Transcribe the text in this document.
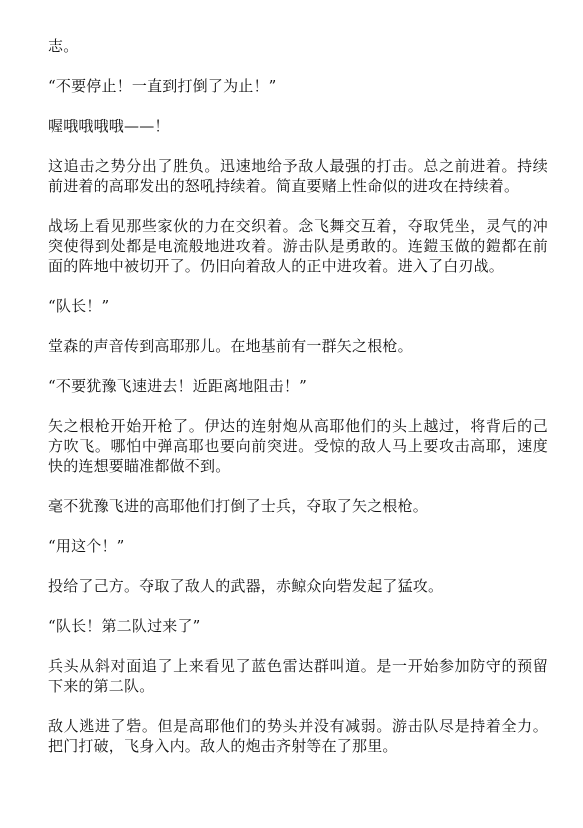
志。

“不要停止！一直到打倒了为止！”

喔哦哦哦哦——！

这追击之势分出了胜负。迅速地给予敌人最强的打击。总之前进着。持续前进着的高耶发出的怒吼持续着。简直要赌上性命似的进攻在持续着。

战场上看见那些家伙的力在交织着。念飞舞交互着，夺取凭坐，灵气的冲突使得到处都是电流般地进攻着。游击队是勇敢的。连鎧玉做的鎧都在前面的阵地中被切开了。仍旧向着敌人的正中进攻着。进入了白刃战。

“队长！”

堂森的声音传到高耶那儿。在地基前有一群矢之根枪。

“不要犹豫飞速进去！近距离地阻击！”

矢之根枪开始开枪了。伊达的连射炮从高耶他们的头上越过，将背后的己方吹飞。哪怕中弹高耶也要向前突进。受惊的敌人马上要攻击高耶，速度快的连想要瞄准都做不到。

毫不犹豫飞进的高耶他们打倒了士兵，夺取了矢之根枪。

“用这个！”

投给了己方。夺取了敌人的武器，赤鲸众向砦发起了猛攻。

“队长！第二队过来了”

兵头从斜对面追了上来看见了蓝色雷达群叫道。是一开始参加防守的预留下来的第二队。

敌人逃进了砦。但是高耶他们的势头并没有减弱。游击队尽是持着全力。把门打破，飞身入内。敌人的炮击齐射等在了那里。
